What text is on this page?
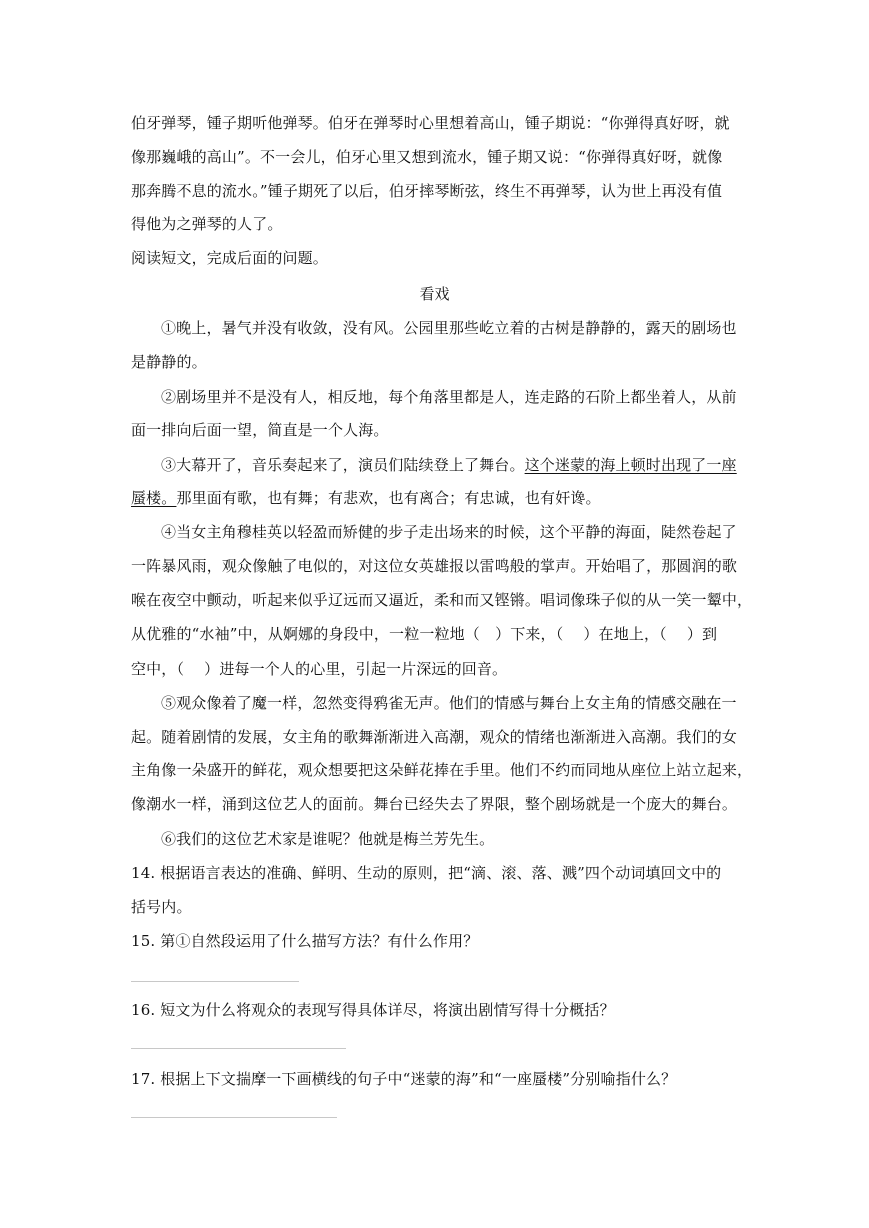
伯牙弹琴，锺子期听他弹琴。伯牙在弹琴时心里想着高山，锺子期说：“你弹得真好呀，就
像那巍峨的高山”。不一会儿，伯牙心里又想到流水，锺子期又说：“你弹得真好呀，就像
那奔腾不息的流水。”锺子期死了以后，伯牙摔琴断弦，终生不再弹琴，认为世上再没有值
得他为之弹琴的人了。
阅读短文，完成后面的问题。
看戏
①晚上，暑气并没有收敛，没有风。公园里那些屹立着的古树是静静的，露天的剧场也
是静静的。
②剧场里并不是没有人，相反地，每个角落里都是人，连走路的石阶上都坐着人，从前
面一排向后面一望，简直是一个人海。
③大幕开了，音乐奏起来了，演员们陆续登上了舞台。这个迷蒙的海上顿时出现了一座
蜃楼。那里面有歌，也有舞；有悲欢，也有离合；有忠诚，也有奸谗。
④当女主角穆桂英以轻盈而矫健的步子走出场来的时候，这个平静的海面，陡然卷起了
一阵暴风雨，观众像触了电似的，对这位女英雄报以雷鸣般的掌声。开始唱了，那圆润的歌
喉在夜空中颤动，听起来似乎辽远而又逼近，柔和而又铿锵。唱词像珠子似的从一笑一颦中，
从优雅的“水袖”中，从婀娜的身段中，一粒一粒地（　）下来，（　 ）在地上，（　 ）到
空中，（　 ）进每一个人的心里，引起一片深远的回音。
⑤观众像着了魔一样，忽然变得鸦雀无声。他们的情感与舞台上女主角的情感交融在一
起。随着剧情的发展，女主角的歌舞渐渐进入高潮，观众的情绪也渐渐进入高潮。我们的女
主角像一朵盛开的鲜花，观众想要把这朵鲜花捧在手里。他们不约而同地从座位上站立起来，
像潮水一样，涌到这位艺人的面前。舞台已经失去了界限，整个剧场就是一个庞大的舞台。
⑥我们的这位艺术家是谁呢？他就是梅兰芳先生。
14. 根据语言表达的准确、鲜明、生动的原则，把“滴、滚、落、溅”四个动词填回文中的
括号内。
15. 第①自然段运用了什么描写方法？有什么作用？
16. 短文为什么将观众的表现写得具体详尽，将演出剧情写得十分概括？
17. 根据上下文揣摩一下画横线的句子中“迷蒙的海”和“一座蜃楼”分别喻指什么？
